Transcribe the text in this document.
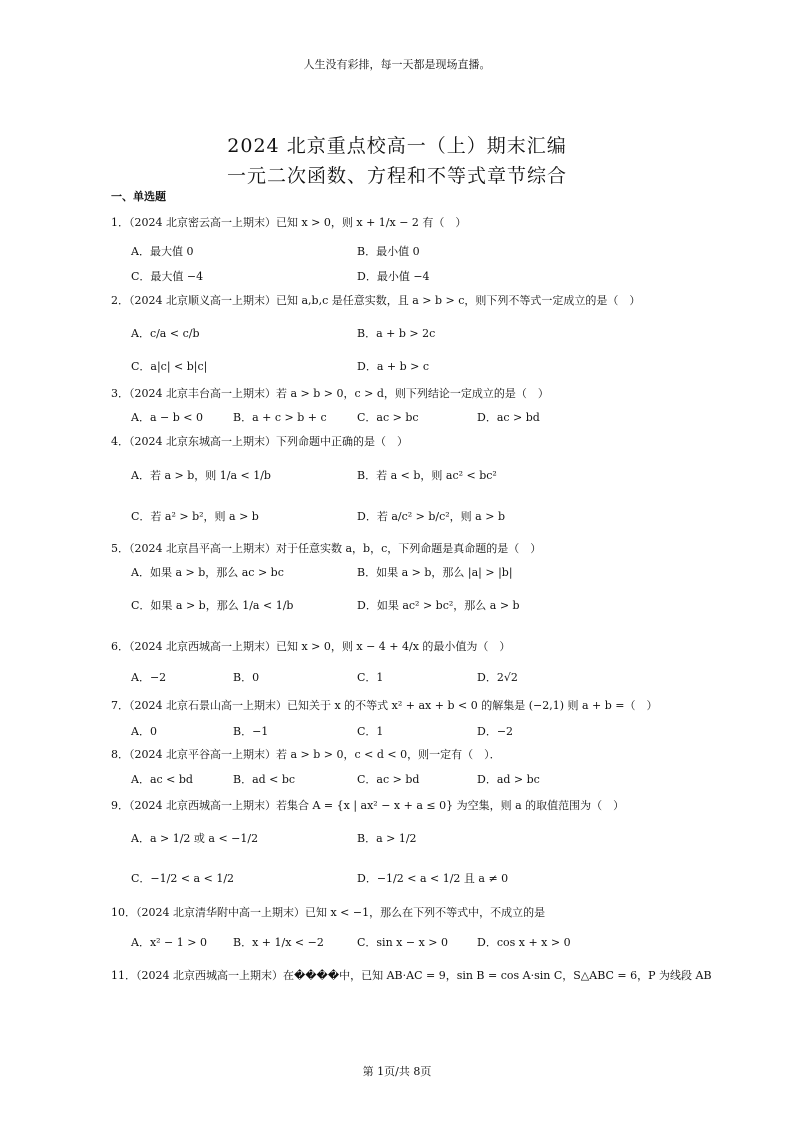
人生没有彩排，每一天都是现场直播。
2024 北京重点校高一（上）期末汇编
一元二次函数、方程和不等式章节综合
一、单选题
1．（2024 北京密云高一上期末）已知 x > 0，则 x + 1/x − 2 有（　）
A．最大值 0	B．最小值 0
C．最大值 −4	D．最小值 −4
2．（2024 北京顺义高一上期末）已知 a,b,c 是任意实数，且 a > b > c，则下列不等式一定成立的是（　）
A．c/a < c/b	B．a + b > 2c
C．a|c| < b|c|	D．a + b > c
3．（2024 北京丰台高一上期末）若 a > b > 0，c > d，则下列结论一定成立的是（　）
A．a − b < 0	B．a + c > b + c	C．ac > bc	D．ac > bd
4．（2024 北京东城高一上期末）下列命题中正确的是（　）
A．若 a > b，则 1/a < 1/b	B．若 a < b，则 ac² < bc²
C．若 a² > b²，则 a > b	D．若 a/c² > b/c²，则 a > b
5．（2024 北京昌平高一上期末）对于任意实数 a，b，c，下列命题是真命题的是（　）
A．如果 a > b，那么 ac > bc	B．如果 a > b，那么 |a| > |b|
C．如果 a > b，那么 1/a < 1/b	D．如果 ac² > bc²，那么 a > b
6．（2024 北京西城高一上期末）已知 x > 0，则 x − 4 + 4/x 的最小值为（　）
A．−2	B．0	C．1	D．2√2
7．（2024 北京石景山高一上期末）已知关于 x 的不等式 x² + ax + b < 0 的解集是 (−2,1) 则 a + b =（　）
A．0	B．−1	C．1	D．−2
8．（2024 北京平谷高一上期末）若 a > b > 0，c < d < 0，则一定有（　）．
A．ac < bd	B．ad < bc	C．ac > bd	D．ad > bc
9．（2024 北京西城高一上期末）若集合 A = {x | ax² − x + a ≤ 0} 为空集，则 a 的取值范围为（　）
A．a > 1/2 或 a < −1/2	B．a > 1/2
C．−1/2 < a < 1/2	D．−1/2 < a < 1/2 且 a ≠ 0
10．（2024 北京清华附中高一上期末）已知 x < −1，那么在下列不等式中，不成立的是
A．x² − 1 > 0 B．x + 1/x < −2	C．sin x − x > 0	D．cos x + x > 0
11．（2024 北京西城高一上期末）在����中，已知 AB·AC = 9，sin B = cos A·sin C，S△ABC = 6，P 为线段 AB
第 1页/共 8页
